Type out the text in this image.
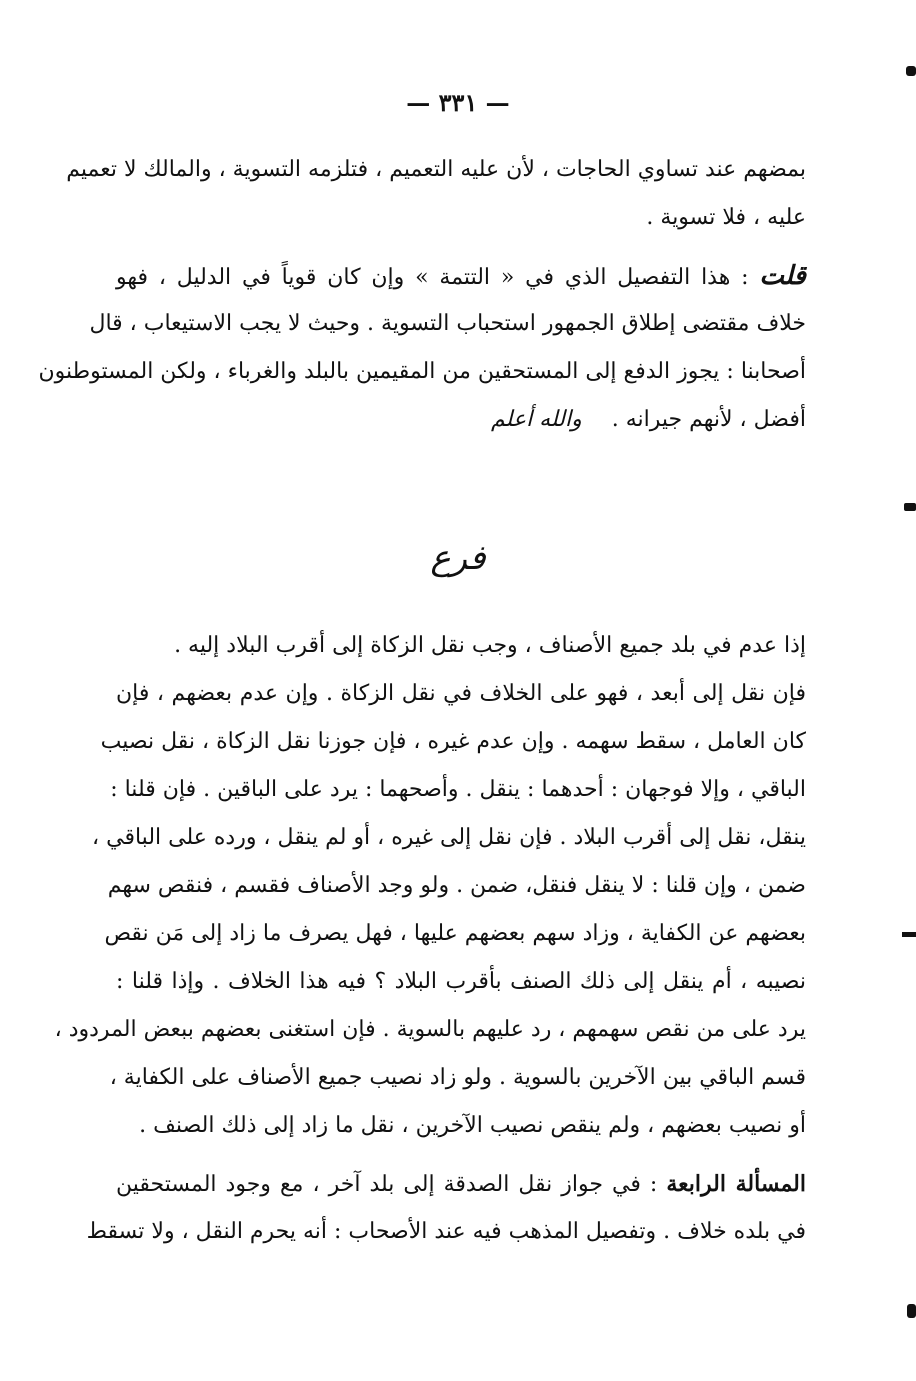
— ٣٣١ —
بمضهم عند تساوي الحاجات ، لأن عليه التعميم ، فتلزمه التسوية ، والمالك لا تعميم
عليه ، فلا تسوية .
قلت : هذا التفصيل الذي في « التتمة » وإن كان قوياً في الدليل ، فهو
خلاف مقتضى إطلاق الجمهور استحباب التسوية . وحيث لا يجب الاستيعاب ، قال
أصحابنا : يجوز الدفع إلى المستحقين من المقيمين بالبلد والغرباء ، ولكن المستوطنون
أفضل ، لأنهم جيرانه .والله أعلم
فرع
إذا عدم في بلد جميع الأصناف ، وجب نقل الزكاة إلى أقرب البلاد إليه .
فإن نقل إلى أبعد ، فهو على الخلاف في نقل الزكاة . وإن عدم بعضهم ، فإن
كان العامل ، سقط سهمه . وإن عدم غيره ، فإن جوزنا نقل الزكاة ، نقل نصيب
الباقي ، وإلا فوجهان : أحدهما : ينقل . وأصحهما : يرد على الباقين . فإن قلنا :
ينقل، نقل إلى أقرب البلاد . فإن نقل إلى غيره ، أو لم ينقل ، ورده على الباقي ،
ضمن ، وإن قلنا : لا ينقل فنقل، ضمن . ولو وجد الأصناف فقسم ، فنقص سهم
بعضهم عن الكفاية ، وزاد سهم بعضهم عليها ، فهل يصرف ما زاد إلى مَن نقص
نصيبه ، أم ينقل إلى ذلك الصنف بأقرب البلاد ؟ فيه هذا الخلاف . وإذا قلنا :
يرد على من نقص سهمهم ، رد عليهم بالسوية . فإن استغنى بعضهم ببعض المردود ،
قسم الباقي بين الآخرين بالسوية . ولو زاد نصيب جميع الأصناف على الكفاية ،
أو نصيب بعضهم ، ولم ينقص نصيب الآخرين ، نقل ما زاد إلى ذلك الصنف .
المسألة الرابعة : في جواز نقل الصدقة إلى بلد آخر ، مع وجود المستحقين
في بلده خلاف . وتفصيل المذهب فيه عند الأصحاب : أنه يحرم النقل ، ولا تسقط
